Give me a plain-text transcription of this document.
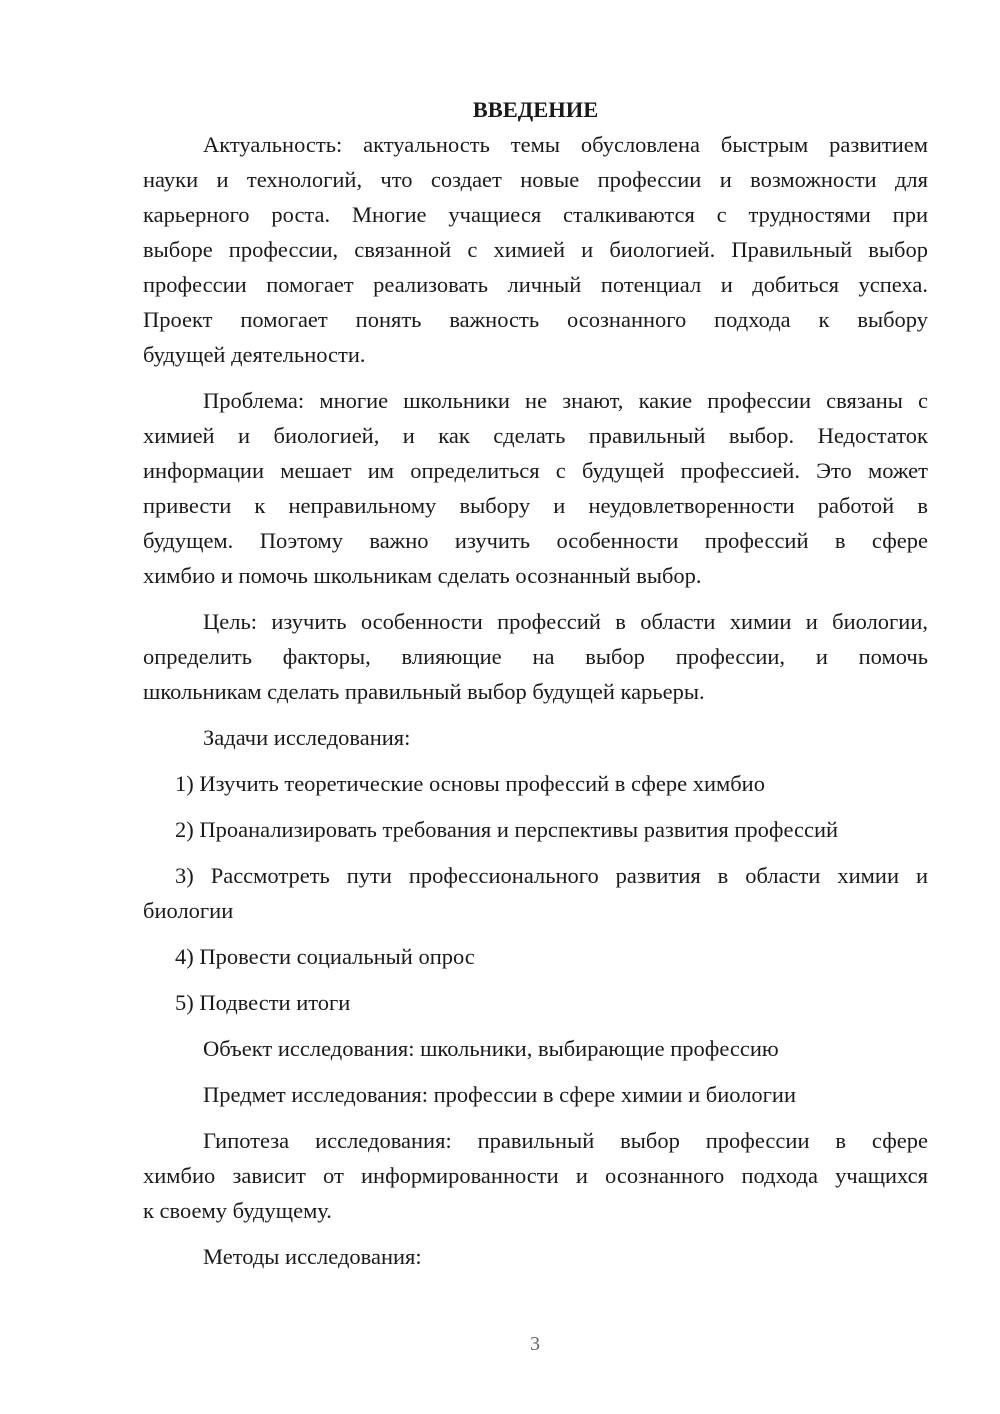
ВВЕДЕНИЕ
Актуальность: актуальность темы обусловлена быстрым развитием
науки и технологий, что создает новые профессии и возможности для
карьерного роста. Многие учащиеся сталкиваются с трудностями при
выборе профессии, связанной с химией и биологией. Правильный выбор
профессии помогает реализовать личный потенциал и добиться успеха.
Проект помогает понять важность осознанного подхода к выбору
будущей деятельности.
Проблема: многие школьники не знают, какие профессии связаны с
химией и биологией, и как сделать правильный выбор. Недостаток
информации мешает им определиться с будущей профессией. Это может
привести к неправильному выбору и неудовлетворенности работой в
будущем. Поэтому важно изучить особенности профессий в сфере
химбио и помочь школьникам сделать осознанный выбор.
Цель: изучить особенности профессий в области химии и биологии,
определить факторы, влияющие на выбор профессии, и помочь
школьникам сделать правильный выбор будущей карьеры.
Задачи исследования:
1) Изучить теоретические основы профессий в сфере химбио
2) Проанализировать требования и перспективы развития профессий
3) Рассмотреть пути профессионального развития в области химии и
биологии
4) Провести социальный опрос
5) Подвести итоги
Объект исследования: школьники, выбирающие профессию
Предмет исследования: профессии в сфере химии и биологии
Гипотеза исследования: правильный выбор профессии в сфере
химбио зависит от информированности и осознанного подхода учащихся
к своему будущему.
Методы исследования:
3
